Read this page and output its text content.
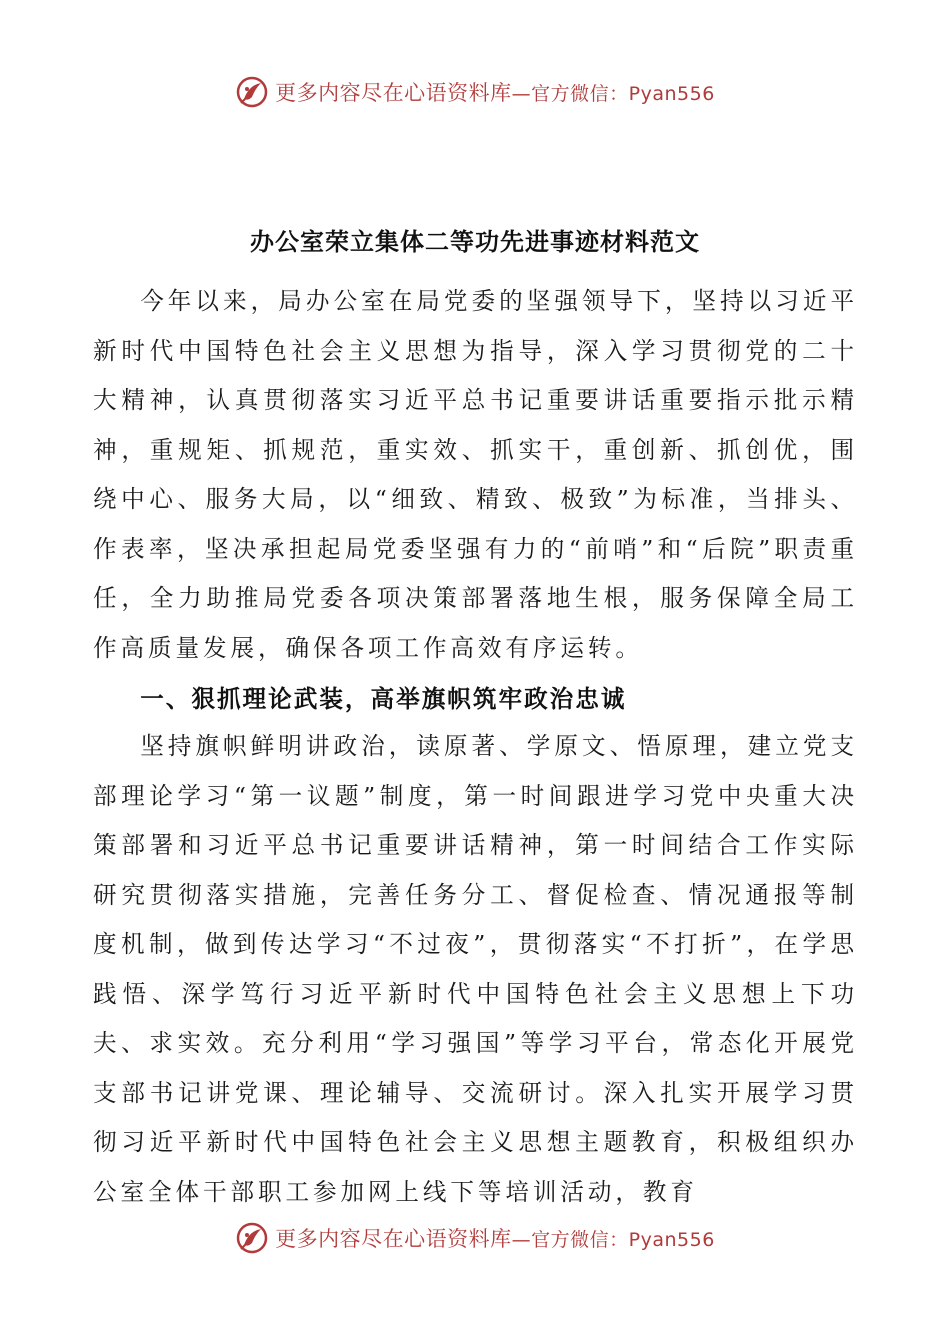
更多内容尽在心语资料库—官方微信：Pyan556
办公室荣立集体二等功先进事迹材料范文

今年以来，局办公室在局党委的坚强领导下，坚持以习近平新时代中国特色社会主义思想为指导，深入学习贯彻党的二十大精神，认真贯彻落实习近平总书记重要讲话重要指示批示精神，重规矩、抓规范，重实效、抓实干，重创新、抓创优，围绕中心、服务大局，以“细致、精致、极致”为标准，当排头、作表率，坚决承担起局党委坚强有力的“前哨”和“后院”职责重任，全力助推局党委各项决策部署落地生根，服务保障全局工作高质量发展，确保各项工作高效有序运转。

一、狠抓理论武装，高举旗帜筑牢政治忠诚

坚持旗帜鲜明讲政治，读原著、学原文、悟原理，建立党支部理论学习“第一议题”制度，第一时间跟进学习党中央重大决策部署和习近平总书记重要讲话精神，第一时间结合工作实际研究贯彻落实措施，完善任务分工、督促检查、情况通报等制度机制，做到传达学习“不过夜”，贯彻落实“不打折”，在学思践悟、深学笃行习近平新时代中国特色社会主义思想上下功夫、求实效。充分利用“学习强国”等学习平台，常态化开展党支部书记讲党课、理论辅导、交流研讨。深入扎实开展学习贯彻习近平新时代中国特色社会主义思想主题教育，积极组织办公室全体干部职工参加网上线下等培训活动，教育

更多内容尽在心语资料库—官方微信：Pyan556
